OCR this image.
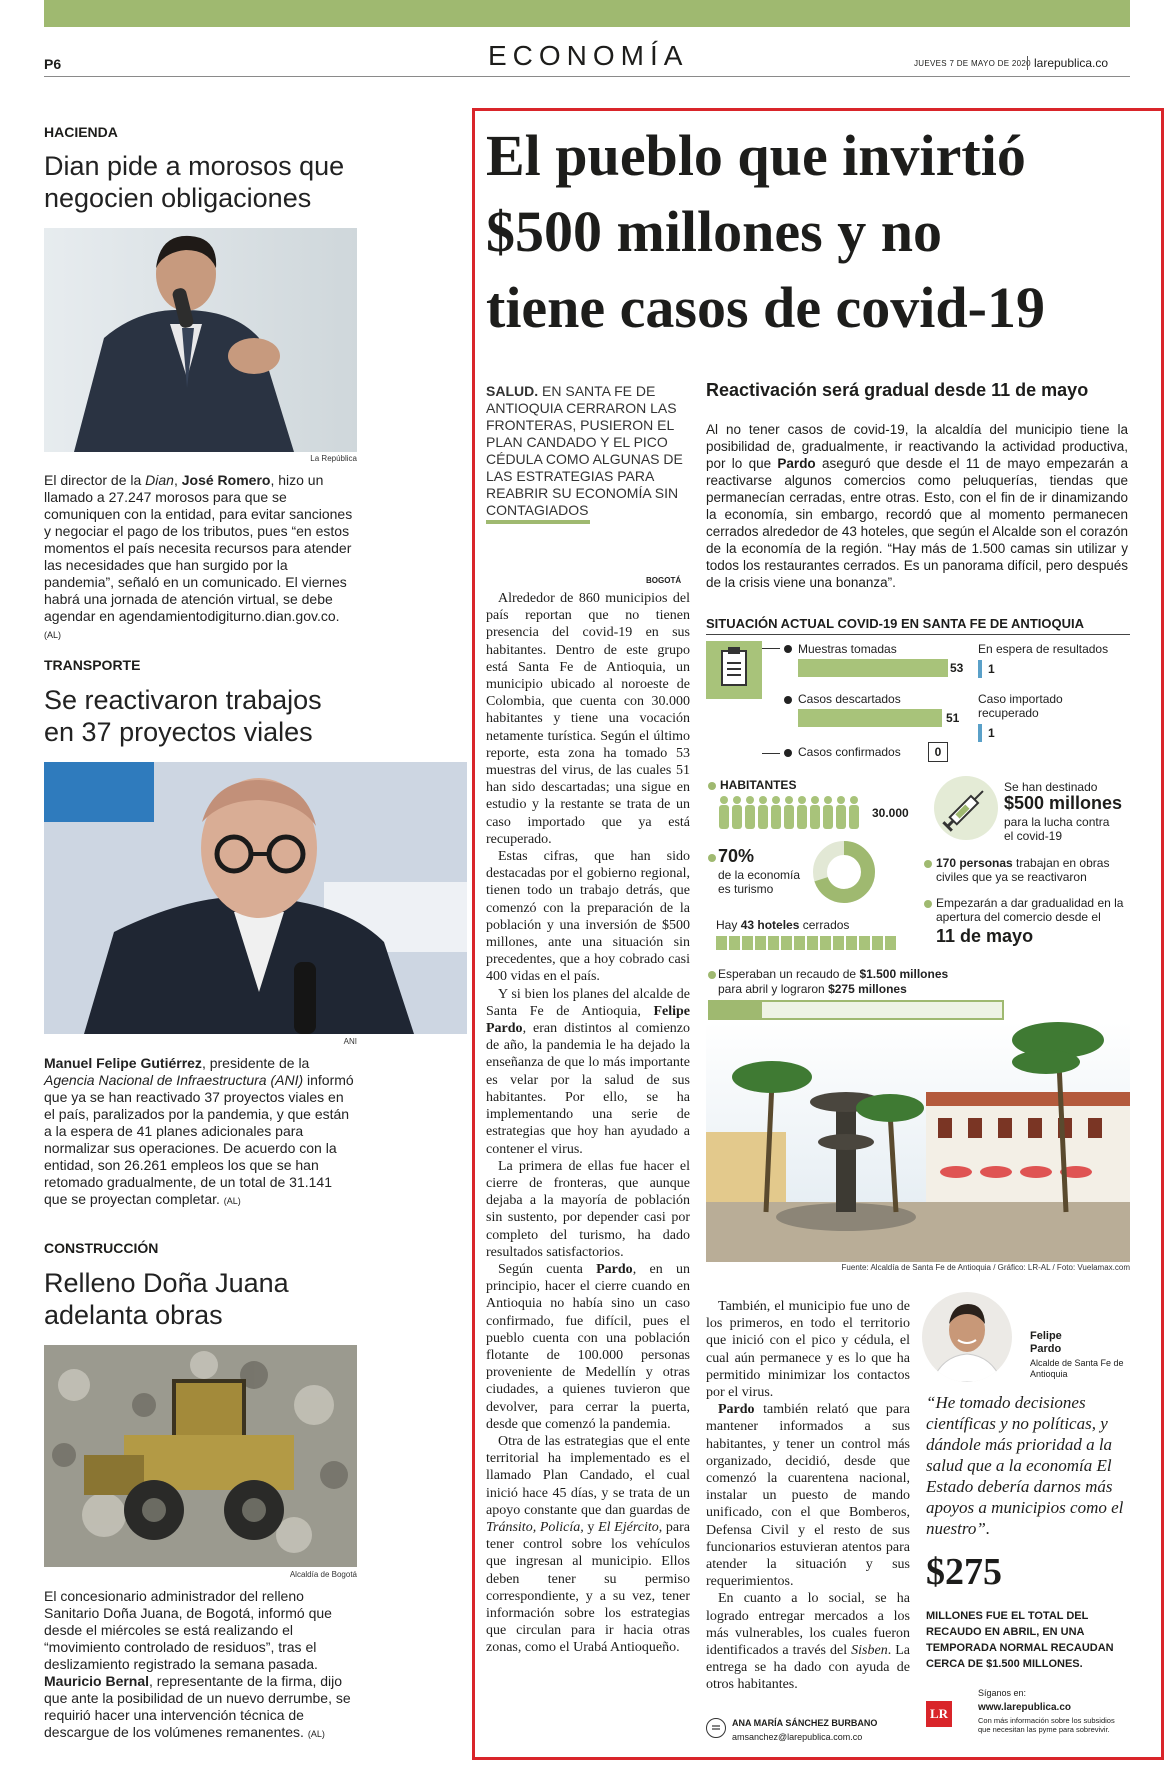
P6	ECONOMÍA	JUEVES 7 DE MAYO DE 2020 larepublica.co
HACIENDA
Dian pide a morosos que
negocien obligaciones
La República
El director de la Dian, José Romero, hizo un llamado a 27.247 morosos para que se comuniquen con la entidad, para evitar sanciones y negociar el pago de los tributos, pues “en estos momentos el país necesita recursos para atender las necesidades que han surgido por la pandemia”, señaló en un comunicado. El viernes habrá una jornada de atención virtual, se debe agendar en agendamientodigiturno.dian.gov.co. (AL)
TRANSPORTE
Se reactivaron trabajos
en 37 proyectos viales
ANI
Manuel Felipe Gutiérrez, presidente de la Agencia Nacional de Infraestructura (ANI) informó que ya se han reactivado 37 proyectos viales en el país, paralizados por la pandemia, y que están a la espera de 41 planes adicionales para normalizar sus operaciones. De acuerdo con la entidad, son 26.261 empleos los que se han retomado gradualmente, de un total de 31.141 que se proyectan completar. (AL)
CONSTRUCCIÓN
Relleno Doña Juana
adelanta obras
Alcaldía de Bogotá
El concesionario administrador del relleno Sanitario Doña Juana, de Bogotá, informó que desde el miércoles se está realizando el “movimiento controlado de residuos”, tras el deslizamiento registrado la semana pasada. Mauricio Bernal, representante de la firma, dijo que ante la posibilidad de un nuevo derrumbe, se requirió hacer una intervención técnica de descargue de los volúmenes remanentes. (AL)
El pueblo que invirtió
$500 millones y no
tiene casos de covid-19
SALUD. EN SANTA FE DE ANTIOQUIA CERRARON LAS FRONTERAS, PUSIERON EL PLAN CANDADO Y EL PICO CÉDULA COMO ALGUNAS DE LAS ESTRATEGIAS PARA REABRIR SU ECONOMÍA SIN CONTAGIADOS
BOGOTÁ

Alrededor de 860 municipios del país reportan que no tienen presencia del covid-19 en sus habitantes. Dentro de este grupo está Santa Fe de Antioquia, un municipio ubicado al noroeste de Colombia, que cuenta con 30.000 habitantes y tiene una vocación netamente turística. Según el último reporte, esta zona ha tomado 53 muestras del virus, de las cuales 51 han sido descartadas; una sigue en estudio y la restante se trata de un caso importado que ya está recuperado.

Estas cifras, que han sido destacadas por el gobierno regional, tienen todo un trabajo detrás, que comenzó con la preparación de la población y una inversión de $500 millones, ante una situación sin precedentes, que a hoy cobrado casi 400 vidas en el país.

Y si bien los planes del alcalde de Santa Fe de Antioquia, Felipe Pardo, eran distintos al comienzo de año, la pandemia le ha dejado la enseñanza de que lo más importante es velar por la salud de sus habitantes. Por ello, se ha implementando una serie de estrategias que hoy han ayudado a contener el virus.

La primera de ellas fue hacer el cierre de fronteras, que aunque dejaba a la mayoría de población sin sustento, por depender casi por completo del turismo, ha dado resultados satisfactorios.

Según cuenta Pardo, en un principio, hacer el cierre cuando en Antioquia no había sino un caso confirmado, fue difícil, pues el pueblo cuenta con una población flotante de 100.000 personas proveniente de Medellín y otras ciudades, a quienes tuvieron que devolver, para cerrar la puerta, desde que comenzó la pandemia.

Otra de las estrategias que el ente territorial ha implementado es el llamado Plan Candado, el cual inició hace 45 días, y se trata de un apoyo constante que dan guardas de Tránsito, Policía, y El Ejército, para tener control sobre los vehículos que ingresan al municipio. Ellos deben tener su permiso correspondiente, y a su vez, tener información sobre los estrategias que circulan para ir hacia otras zonas, como el Urabá Antioqueño.

Reactivación será gradual desde 11 de mayo
Al no tener casos de covid-19, la alcaldía del municipio tiene la posibilidad de, gradualmente, ir reactivando la actividad productiva, por lo que Pardo aseguró que desde el 11 de mayo empezarán a reactivarse algunos comercios como peluquerías, tiendas que permanecían cerradas, entre otras. Esto, con el fin de ir dinamizando la economía, sin embargo, recordó que al momento permanecen cerrados alrededor de 43 hoteles, que según el Alcalde son el corazón de la economía de la región. “Hay más de 1.500 camas sin utilizar y todos los restaurantes cerrados. Es un panorama difícil, pero después de la crisis viene una bonanza”.
SITUACIÓN ACTUAL COVID-19 EN SANTA FE DE ANTIOQUIA
Muestras tomadas
53
Casos descartados
51
Casos confirmados	0
En espera de resultados
1
Caso importado
recuperado
1
HABITANTES
30.000
Se han destinado
$500 millones
para la lucha contra
el covid-19
70%
de la economía
es turismo
170 personas trabajan en obras civiles que ya se reactivaron
Hay 43 hoteles cerrados
Empezarán a dar gradualidad en la apertura del comercio desde el
11 de mayo
Esperaban un recaudo de $1.500 millones
para abril y lograron $275 millones
Fuente: Alcaldía de Santa Fe de Antioquia / Gráfico: LR-AL / Foto: Vuelamax.com

También, el municipio fue uno de los primeros, en todo el territorio que inició con el pico y cédula, el cual aún permanece y es lo que ha permitido minimizar los contactos por el virus.

Pardo también relató que para mantener informados a sus habitantes, y tener un control más organizado, decidió, desde que comenzó la cuarentena nacional, instalar un puesto de mando unificado, con el que Bomberos, Defensa Civil y el resto de sus funcionarios estuvieran atentos para atender la situación y sus requerimientos.

En cuanto a lo social, se ha logrado entregar mercados a los más vulnerables, los cuales fueron identificados a través del Sisben. La entrega se ha dado con ayuda de otros habitantes.

ANA MARÍA SÁNCHEZ BURBANO
amsanchez@larepublica.com.co
Felipe
Pardo
Alcalde de Santa Fe de
Antioquia
“He tomado decisiones científicas y no políticas, y dándole más prioridad a la salud que a la economía El Estado debería darnos más apoyos a municipios como el nuestro”.
$275
MILLONES FUE EL TOTAL DEL RECAUDO EN ABRIL, EN UNA TEMPORADA NORMAL RECAUDAN CERCA DE $1.500 MILLONES.
LR
Síganos en:
www.larepublica.co
Con más información sobre los subsidios
que necesitan las pyme para sobrevivir.
